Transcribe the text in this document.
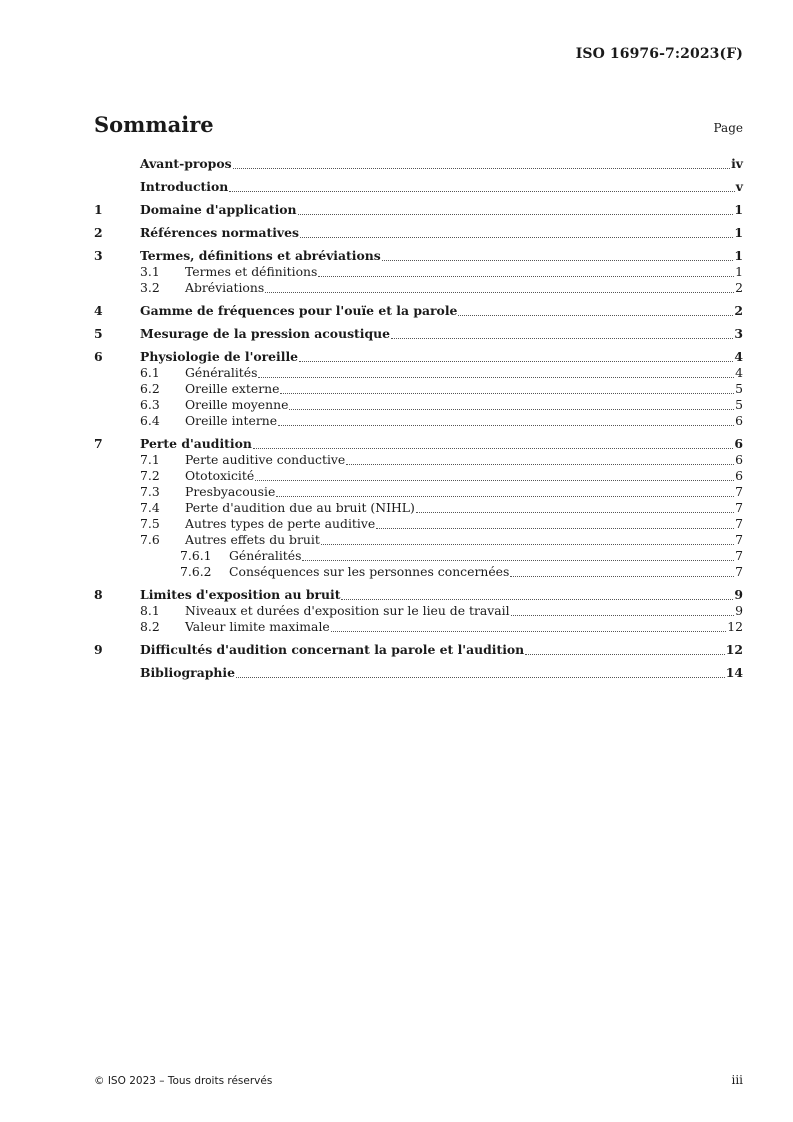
ISO 16976-7:2023(F)
Sommaire	Page
Avant-propos	iv
Introduction	v
1	Domaine d'application	1
2	Références normatives	1
3	Termes, définitions et abréviations	1
3.1	Termes et définitions	1
3.2	Abréviations	2
4	Gamme de fréquences pour l'ouïe et la parole	2
5	Mesurage de la pression acoustique	3
6	Physiologie de l'oreille	4
6.1	Généralités	4
6.2	Oreille externe	5
6.3	Oreille moyenne	5
6.4	Oreille interne	6
7	Perte d'audition	6
7.1	Perte auditive conductive	6
7.2	Ototoxicité	6
7.3	Presbyacousie	7
7.4	Perte d'audition due au bruit (NIHL)	7
7.5	Autres types de perte auditive	7
7.6	Autres effets du bruit	7
7.6.1	Généralités	7
7.6.2	Conséquences sur les personnes concernées	7
8	Limites d'exposition au bruit	9
8.1	Niveaux et durées d'exposition sur le lieu de travail	9
8.2	Valeur limite maximale	12
9	Difficultés d'audition concernant la parole et l'audition	12
Bibliographie	14
© ISO 2023 – Tous droits réservés	iii
